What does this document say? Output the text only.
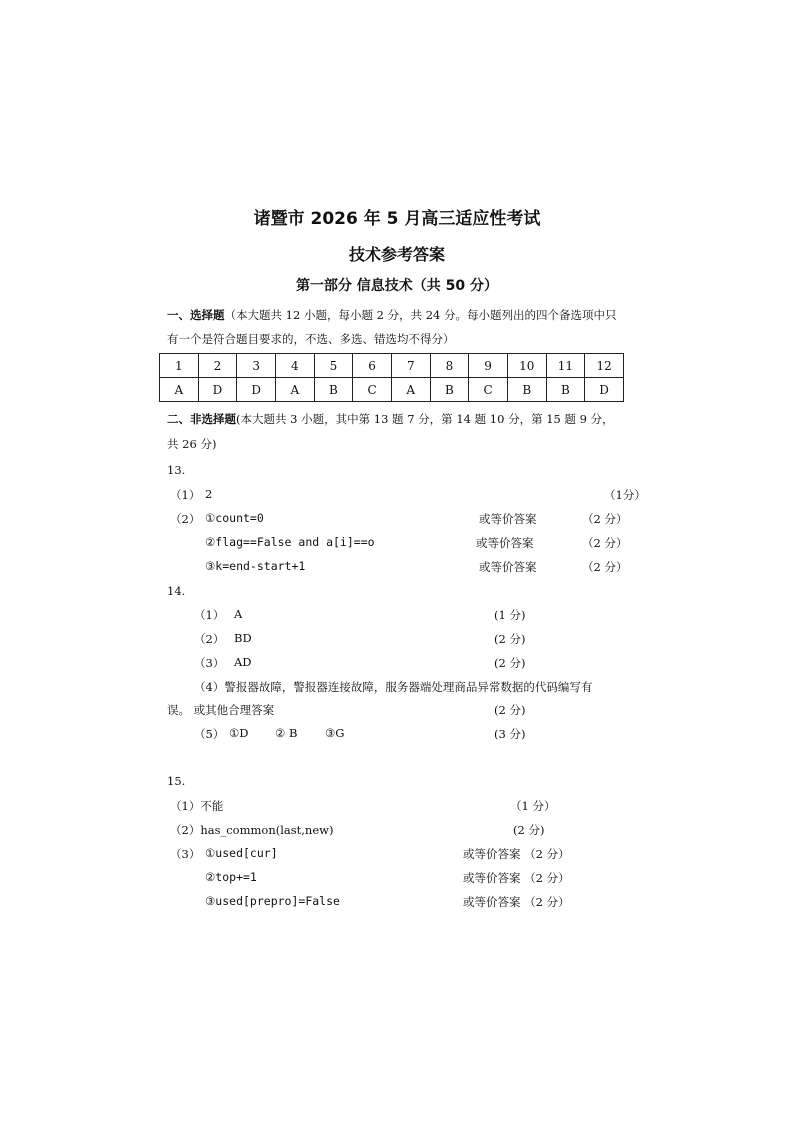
诸暨市 2026 年 5 月高三适应性考试
技术参考答案
第一部分 信息技术（共 50 分）
一、选择题（本大题共 12 小题，每小题 2 分，共 24 分。每小题列出的四个备选项中只
有一个是符合题目要求的，不选、多选、错选均不得分）
1	2	3	4	5	6	7	8	9	10	11	12
A	D	D	A	B	C	A	B	C	B	B	D
二、非选择题(本大题共 3 小题，其中第 13 题 7 分，第 14 题 10 分，第 15 题 9 分，
共 26 分)
13.
（1） 2	（1分）
（2） ①count=0	或等价答案	（2 分）
②flag==False and a[i]==o	或等价答案	（2 分）
③k=end-start+1	或等价答案	（2 分）
14.
（1） A	(1 分)
（2） BD	(2 分)
（3） AD	(2 分)
（4）警报器故障，警报器连接故障，服务器端处理商品异常数据的代码编写有
误。 或其他合理答案	(2 分)
（5） ①D ② B ③G	(3 分)
15.
（1）不能	（1 分）
（2）has_common(last,new)	(2 分)
（3） ①used[cur]	或等价答案 （2 分）
②top+=1	或等价答案 （2 分）
③used[prepro]=False	或等价答案 （2 分）
